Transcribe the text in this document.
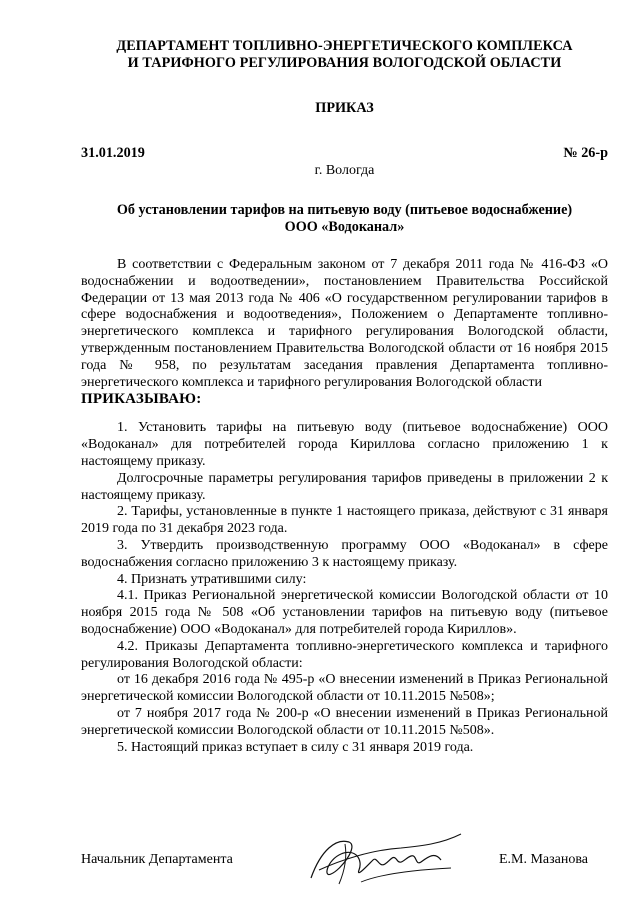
ДЕПАРТАМЕНТ ТОПЛИВНО-ЭНЕРГЕТИЧЕСКОГО КОМПЛЕКСА
И ТАРИФНОГО РЕГУЛИРОВАНИЯ ВОЛОГОДСКОЙ ОБЛАСТИ
ПРИКАЗ
31.01.2019	№ 26-р
г. Вологда
Об установлении тарифов на питьевую воду (питьевое водоснабжение)
ООО «Водоканал»
В соответствии с Федеральным законом от 7 декабря 2011 года № 416-ФЗ «О водоснабжении и водоотведении», постановлением Правительства Российской Федерации от 13 мая 2013 года № 406 «О государственном регулировании тарифов в сфере водоснабжения и водоотведения», Положением о Департаменте топливно-энергетического комплекса и тарифного регулирования Вологодской области, утвержденным постановлением Правительства Вологодской области от 16 ноября 2015 года № 958, по результатам заседания правления Департамента топливно-энергетического комплекса и тарифного регулирования Вологодской области
ПРИКАЗЫВАЮ:

1. Установить тарифы на питьевую воду (питьевое водоснабжение) ООО «Водоканал» для потребителей города Кириллова согласно приложению 1 к настоящему приказу.

Долгосрочные параметры регулирования тарифов приведены в приложении 2 к настоящему приказу.

2. Тарифы, установленные в пункте 1 настоящего приказа, действуют с 31 января 2019 года по 31 декабря 2023 года.

3. Утвердить производственную программу ООО «Водоканал» в сфере водоснабжения согласно приложению 3 к настоящему приказу.

4. Признать утратившими силу:

4.1. Приказ Региональной энергетической комиссии Вологодской области от 10 ноября 2015 года № 508 «Об установлении тарифов на питьевую воду (питьевое водоснабжение) ООО «Водоканал» для потребителей города Кириллов».

4.2. Приказы Департамента топливно-энергетического комплекса и тарифного регулирования Вологодской области:

от 16 декабря 2016 года № 495-р «О внесении изменений в Приказ Региональной энергетической комиссии Вологодской области от 10.11.2015 №508»;

от 7 ноября 2017 года № 200-р «О внесении изменений в Приказ Региональной энергетической комиссии Вологодской области от 10.11.2015 №508».

5. Настоящий приказ вступает в силу с 31 января 2019 года.

Начальник Департамента	Е.М. Мазанова
